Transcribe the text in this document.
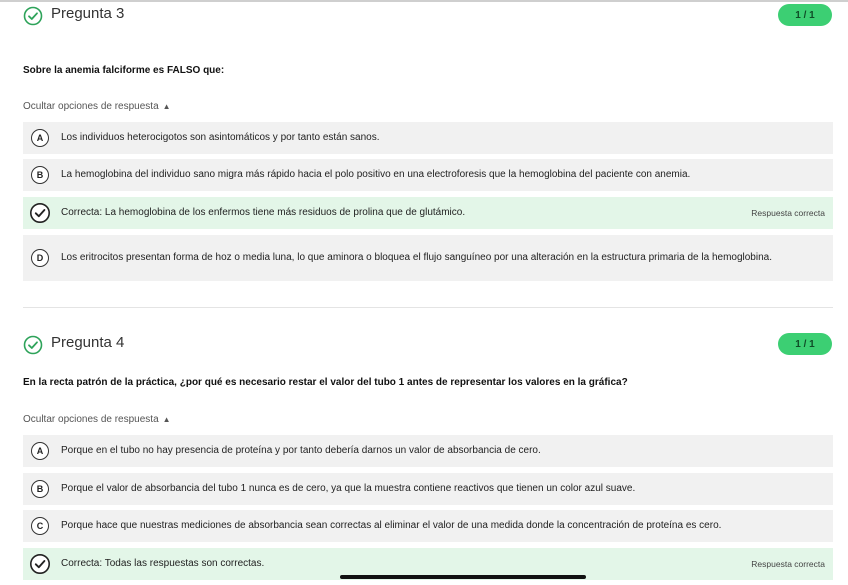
Pregunta 3	1 / 1
Sobre la anemia falciforme es FALSO que:
Ocultar opciones de respuesta ▲
A	Los individuos heterocigotos son asintomáticos y por tanto están sanos.
B	La hemoglobina del individuo sano migra más rápido hacia el polo positivo en una electroforesis que la hemoglobina del paciente con anemia.
Correcta: La hemoglobina de los enfermos tiene más residuos de prolina que de glutámico.	Respuesta correcta
D	Los eritrocitos presentan forma de hoz o media luna, lo que aminora o bloquea el flujo sanguíneo por una alteración en la estructura primaria de la hemoglobina.
Pregunta 4	1 / 1
En la recta patrón de la práctica, ¿por qué es necesario restar el valor del tubo 1 antes de representar los valores en la gráfica?
Ocultar opciones de respuesta ▲
A	Porque en el tubo no hay presencia de proteína y por tanto debería darnos un valor de absorbancia de cero.
B	Porque el valor de absorbancia del tubo 1 nunca es de cero, ya que la muestra contiene reactivos que tienen un color azul suave.
C	Porque hace que nuestras mediciones de absorbancia sean correctas al eliminar el valor de una medida donde la concentración de proteína es cero.
Correcta: Todas las respuestas son correctas.	Respuesta correcta
